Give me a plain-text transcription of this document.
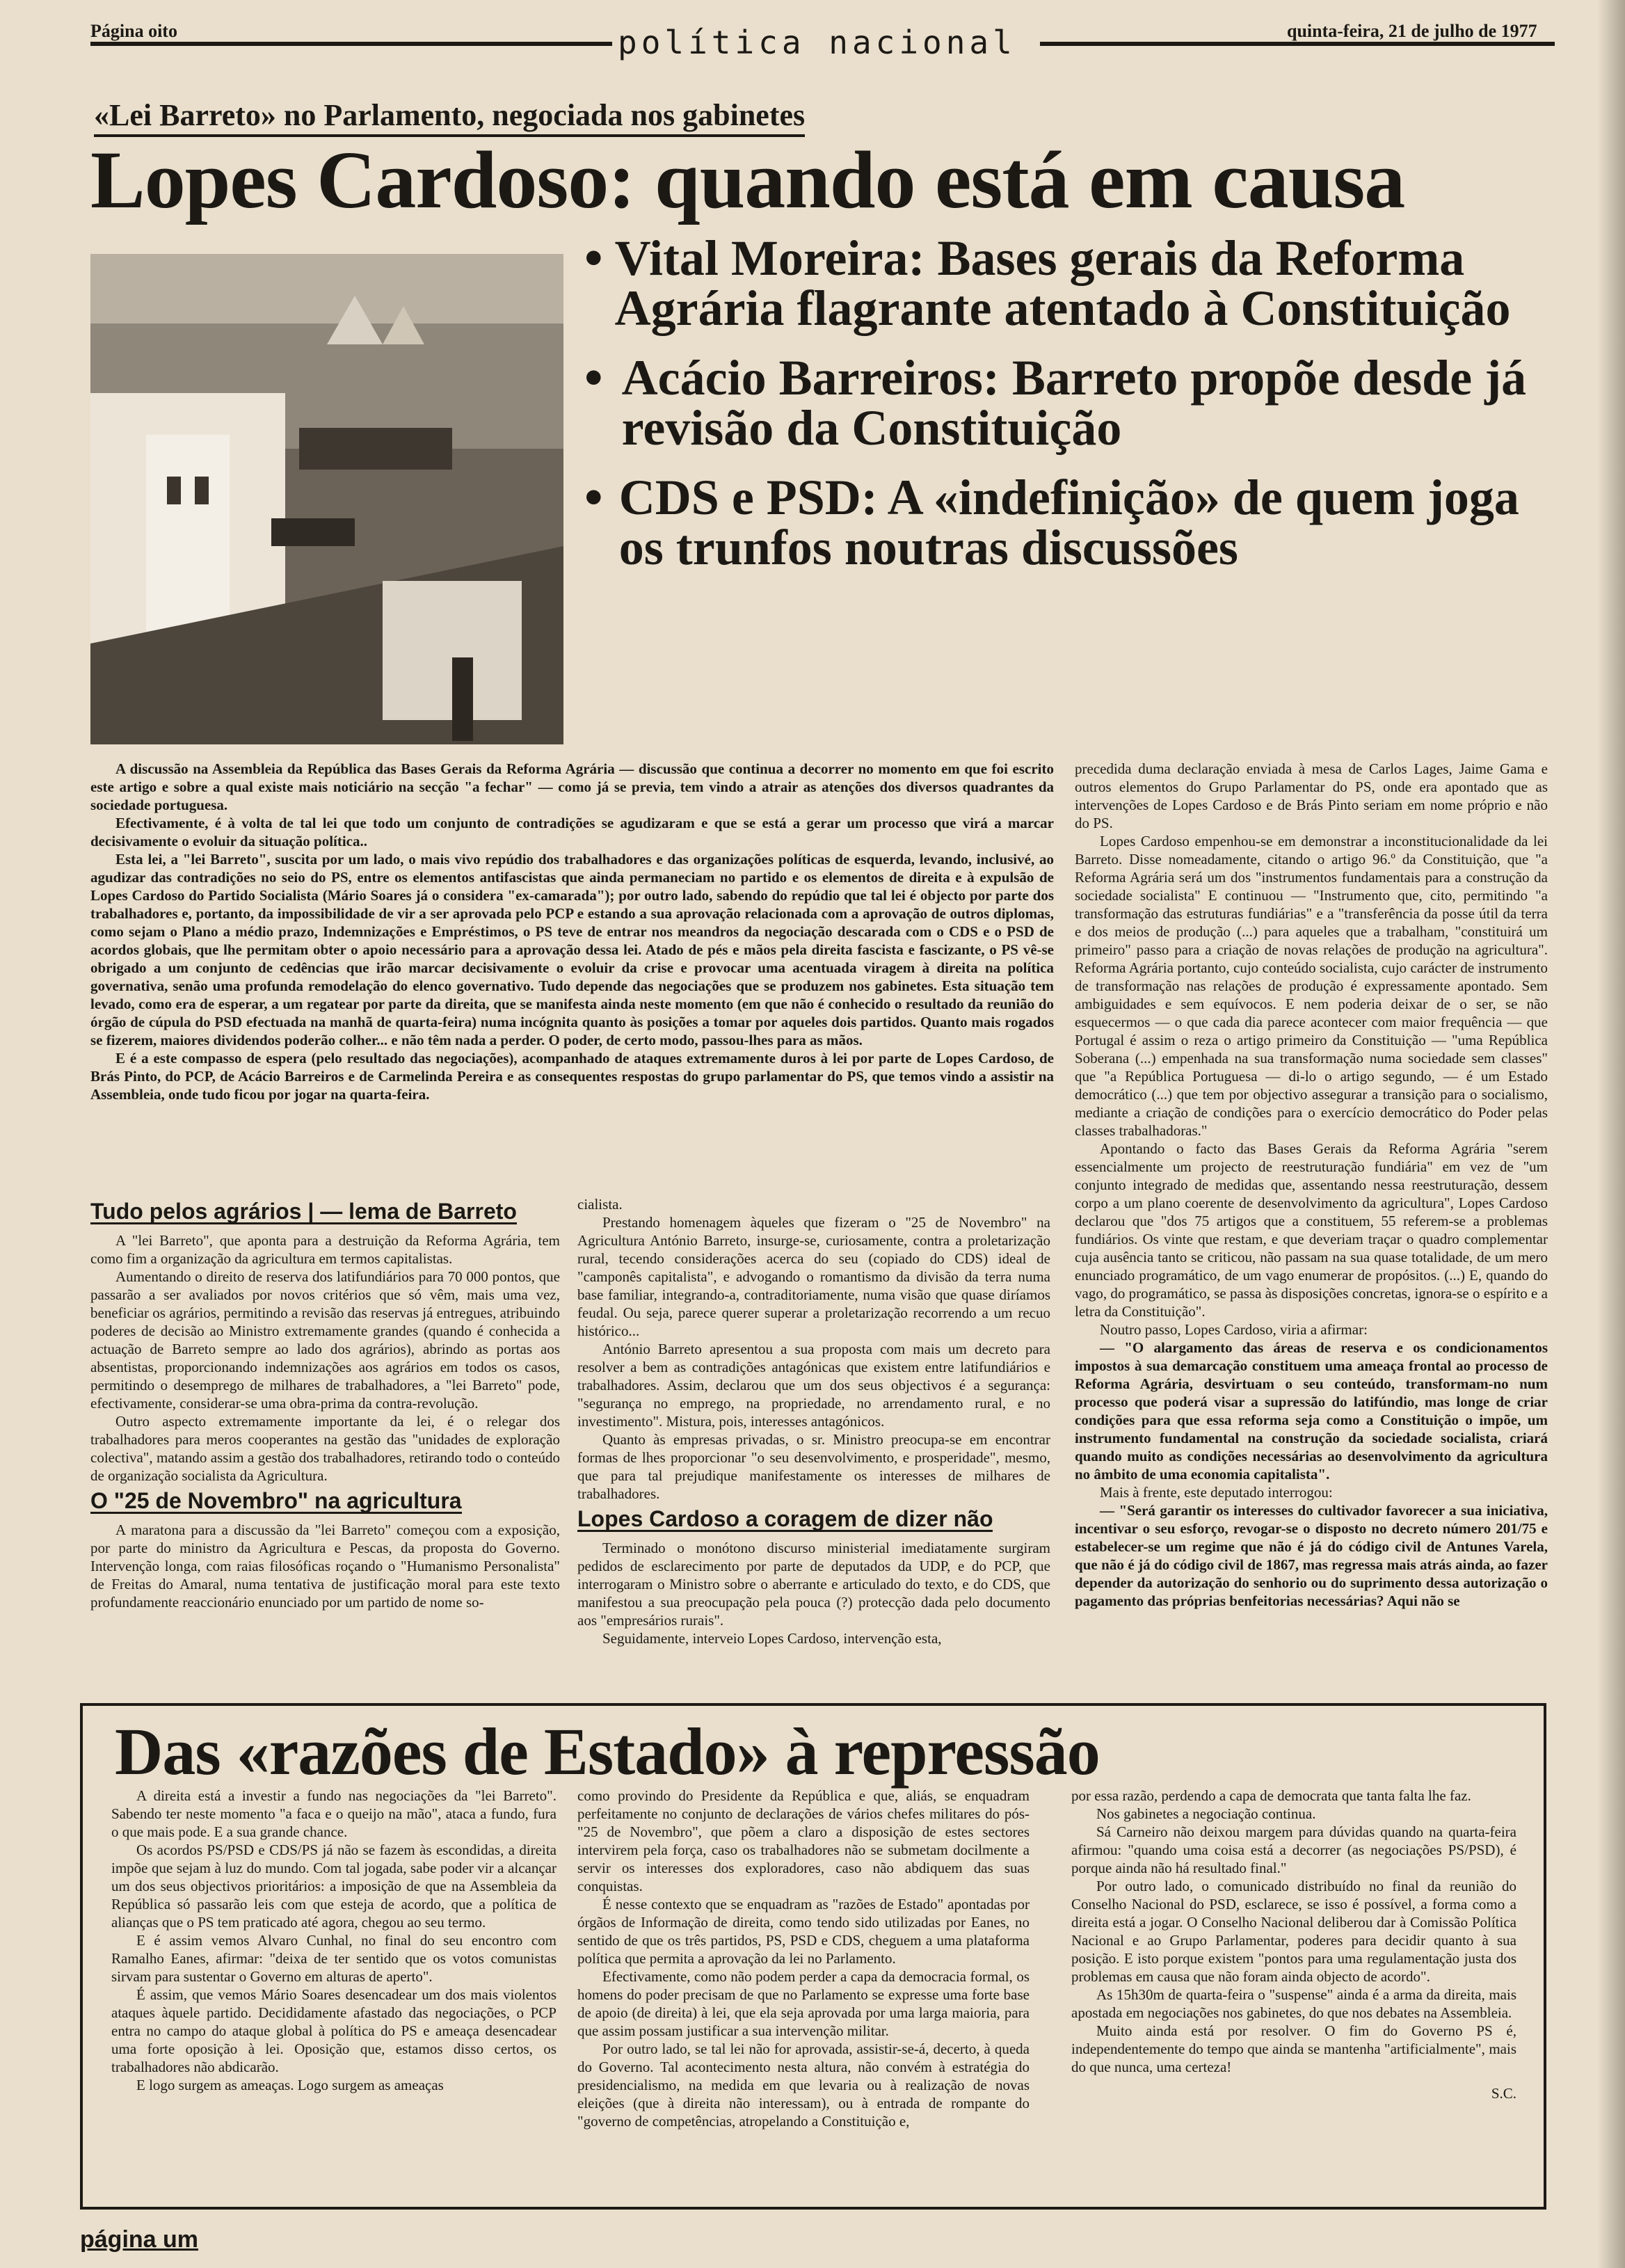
Página oito	política nacional	quinta-feira, 21 de julho de 1977
«Lei Barreto» no Parlamento, negociada nos gabinetes
Lopes Cardoso: quando está em causa
• Vital Moreira: Bases gerais da Reforma Agrária flagrante atentado à Constituição
• Acácio Barreiros: Barreto propõe desde já revisão da Constituição
• CDS e PSD: A «indefinição» de quem joga os trunfos noutras discussões

A discussão na Assembleia da República das Bases Gerais da Reforma Agrária — discussão que continua a decorrer no momento em que foi escrito este artigo e sobre a qual existe mais noticiário na secção "a fechar" — como já se previa, tem vindo a atrair as atenções dos diversos quadrantes da sociedade portuguesa.

Efectivamente, é à volta de tal lei que todo um conjunto de contradições se agudizaram e que se está a gerar um processo que virá a marcar decisivamente o evoluir da situação política..

Esta lei, a "lei Barreto", suscita por um lado, o mais vivo repúdio dos trabalhadores e das organizações políticas de esquerda, levando, inclusivé, ao agudizar das contradições no seio do PS, entre os elementos antifascistas que ainda permaneciam no partido e os elementos de direita e à expulsão de Lopes Cardoso do Partido Socialista (Mário Soares já o considera "ex-camarada"); por outro lado, sabendo do repúdio que tal lei é objecto por parte dos trabalhadores e, portanto, da impossibilidade de vir a ser aprovada pelo PCP e estando a sua aprovação relacionada com a aprovação de outros diplomas, como sejam o Plano a médio prazo, Indemnizações e Empréstimos, o PS teve de entrar nos meandros da negociação descarada com o CDS e o PSD de acordos globais, que lhe permitam obter o apoio necessário para a aprovação dessa lei. Atado de pés e mãos pela direita fascista e fascizante, o PS vê-se obrigado a um conjunto de cedências que irão marcar decisivamente o evoluir da crise e provocar uma acentuada viragem à direita na política governativa, senão uma profunda remodelação do elenco governativo. Tudo depende das negociações que se produzem nos gabinetes. Esta situação tem levado, como era de esperar, a um regatear por parte da direita, que se manifesta ainda neste momento (em que não é conhecido o resultado da reunião do órgão de cúpula do PSD efectuada na manhã de quarta-feira) numa incógnita quanto às posições a tomar por aqueles dois partidos. Quanto mais rogados se fizerem, maiores dividendos poderão colher... e não têm nada a perder. O poder, de certo modo, passou-lhes para as mãos.

E é a este compasso de espera (pelo resultado das negociações), acompanhado de ataques extremamente duros à lei por parte de Lopes Cardoso, de Brás Pinto, do PCP, de Acácio Barreiros e de Carmelinda Pereira e as consequentes respostas do grupo parlamentar do PS, que temos vindo a assistir na Assembleia, onde tudo ficou por jogar na quarta-feira.

Tudo pelos agrários | — lema de Barreto

A "lei Barreto", que aponta para a destruição da Reforma Agrária, tem como fim a organização da agricultura em termos capitalistas.

Aumentando o direito de reserva dos latifundiários para 70 000 pontos, que passarão a ser avaliados por novos critérios que só vêm, mais uma vez, beneficiar os agrários, permitindo a revisão das reservas já entregues, atribuindo poderes de decisão ao Ministro extremamente grandes (quando é conhecida a actuação de Barreto sempre ao lado dos agrários), abrindo as portas aos absentistas, proporcionando indemnizações aos agrários em todos os casos, permitindo o desemprego de milhares de trabalhadores, a "lei Barreto" pode, efectivamente, considerar-se uma obra-prima da contra-revolução.

Outro aspecto extremamente importante da lei, é o relegar dos trabalhadores para meros cooperantes na gestão das "unidades de exploração colectiva", matando assim a gestão dos trabalhadores, retirando todo o conteúdo de organização socialista da Agricultura.

O "25 de Novembro" na agricultura

A maratona para a discussão da "lei Barreto" começou com a exposição, por parte do ministro da Agricultura e Pescas, da proposta do Governo. Intervenção longa, com raias filosóficas roçando o "Humanismo Personalista" de Freitas do Amaral, numa tentativa de justificação moral para este texto profundamente reaccionário enunciado por um partido de nome so-

cialista.

Prestando homenagem àqueles que fizeram o "25 de Novembro" na Agricultura António Barreto, insurge-se, curiosamente, contra a proletarização rural, tecendo considerações acerca do seu (copiado do CDS) ideal de "camponês capitalista", e advogando o romantismo da divisão da terra numa base familiar, integrando-a, contraditoriamente, numa visão que quase diríamos feudal. Ou seja, parece querer superar a proletarização recorrendo a um recuo histórico...

António Barreto apresentou a sua proposta com mais um decreto para resolver a bem as contradições antagónicas que existem entre latifundiários e trabalhadores. Assim, declarou que um dos seus objectivos é a segurança: "segurança no emprego, na propriedade, no arrendamento rural, e no investimento". Mistura, pois, interesses antagónicos.

Quanto às empresas privadas, o sr. Ministro preocupa-se em encontrar formas de lhes proporcionar "o seu desenvolvimento, e prosperidade", mesmo, que para tal prejudique manifestamente os interesses de milhares de trabalhadores.

Lopes Cardoso a coragem de dizer não

Terminado o monótono discurso ministerial imediatamente surgiram pedidos de esclarecimento por parte de deputados da UDP, e do PCP, que interrogaram o Ministro sobre o aberrante e articulado do texto, e do CDS, que manifestou a sua preocupação pela pouca (?) protecção dada pelo documento aos "empresários rurais".

Seguidamente, interveio Lopes Cardoso, intervenção esta,

precedida duma declaração enviada à mesa de Carlos Lages, Jaime Gama e outros elementos do Grupo Parlamentar do PS, onde era apontado que as intervenções de Lopes Cardoso e de Brás Pinto seriam em nome próprio e não do PS.

Lopes Cardoso empenhou-se em demonstrar a inconstitucionalidade da lei Barreto. Disse nomeadamente, citando o artigo 96.º da Constituição, que "a Reforma Agrária será um dos "instrumentos fundamentais para a construção da sociedade socialista" E continuou — "Instrumento que, cito, permitindo "a transformação das estruturas fundiárias" e a "transferência da posse útil da terra e dos meios de produção (...) para aqueles que a trabalham, "constituirá um primeiro" passo para a criação de novas relações de produção na agricultura". Reforma Agrária portanto, cujo conteúdo socialista, cujo carácter de instrumento de transformação nas relações de produção é expressamente apontado. Sem ambiguidades e sem equívocos. E nem poderia deixar de o ser, se não esquecermos — o que cada dia parece acontecer com maior frequência — que Portugal é assim o reza o artigo primeiro da Constituição — "uma República Soberana (...) empenhada na sua transformação numa sociedade sem classes" que "a República Portuguesa — di-lo o artigo segundo, — é um Estado democrático (...) que tem por objectivo assegurar a transição para o socialismo, mediante a criação de condições para o exercício democrático do Poder pelas classes trabalhadoras."

Apontando o facto das Bases Gerais da Reforma Agrária "serem essencialmente um projecto de reestruturação fundiária" em vez de "um conjunto integrado de medidas que, assentando nessa reestruturação, dessem corpo a um plano coerente de desenvolvimento da agricultura", Lopes Cardoso declarou que "dos 75 artigos que a constituem, 55 referem-se a problemas fundiários. Os vinte que restam, e que deveriam traçar o quadro complementar cuja ausência tanto se criticou, não passam na sua quase totalidade, de um mero enunciado programático, de um vago enumerar de propósitos. (...) E, quando do vago, do programático, se passa às disposições concretas, ignora-se o espírito e a letra da Constituição".

Noutro passo, Lopes Cardoso, viria a afirmar:

— "O alargamento das áreas de reserva e os condicionamentos impostos à sua demarcação constituem uma ameaça frontal ao processo de Reforma Agrária, desvirtuam o seu conteúdo, transformam-no num processo que poderá visar a supressão do latifúndio, mas longe de criar condições para que essa reforma seja como a Constituição o impõe, um instrumento fundamental na construção da sociedade socialista, criará quando muito as condições necessárias ao desenvolvimento da agricultura no âmbito de uma economia capitalista".

Mais à frente, este deputado interrogou:

— "Será garantir os interesses do cultivador favorecer a sua iniciativa, incentivar o seu esforço, revogar-se o disposto no decreto número 201/75 e estabelecer-se um regime que não é já do código civil de Antunes Varela, que não é já do código civil de 1867, mas regressa mais atrás ainda, ao fazer depender da autorização do senhorio ou do suprimento dessa autorização o pagamento das próprias benfeitorias necessárias? Aqui não se

Das «razões de Estado» à repressão

A direita está a investir a fundo nas negociações da "lei Barreto". Sabendo ter neste momento "a faca e o queijo na mão", ataca a fundo, fura o que mais pode. E a sua grande chance.

Os acordos PS/PSD e CDS/PS já não se fazem às escondidas, a direita impõe que sejam à luz do mundo. Com tal jogada, sabe poder vir a alcançar um dos seus objectivos prioritários: a imposição de que na Assembleia da República só passarão leis com que esteja de acordo, que a política de alianças que o PS tem praticado até agora, chegou ao seu termo.

E é assim vemos Alvaro Cunhal, no final do seu encontro com Ramalho Eanes, afirmar: "deixa de ter sentido que os votos comunistas sirvam para sustentar o Governo em alturas de aperto".

É assim, que vemos Mário Soares desencadear um dos mais violentos ataques àquele partido. Decididamente afastado das negociações, o PCP entra no campo do ataque global à política do PS e ameaça desencadear uma forte oposição à lei. Oposição que, estamos disso certos, os trabalhadores não abdicarão.

E logo surgem as ameaças. Logo surgem as ameaças

como provindo do Presidente da República e que, aliás, se enquadram perfeitamente no conjunto de declarações de vários chefes militares do pós-"25 de Novembro", que põem a claro a disposição de estes sectores intervirem pela força, caso os trabalhadores não se submetam docilmente a servir os interesses dos exploradores, caso não abdiquem das suas conquistas.

É nesse contexto que se enquadram as "razões de Estado" apontadas por órgãos de Informação de direita, como tendo sido utilizadas por Eanes, no sentido de que os três partidos, PS, PSD e CDS, cheguem a uma plataforma política que permita a aprovação da lei no Parlamento.

Efectivamente, como não podem perder a capa da democracia formal, os homens do poder precisam de que no Parlamento se expresse uma forte base de apoio (de direita) à lei, que ela seja aprovada por uma larga maioria, para que assim possam justificar a sua intervenção militar.

Por outro lado, se tal lei não for aprovada, assistir-se-á, decerto, à queda do Governo. Tal acontecimento nesta altura, não convém à estratégia do presidencialismo, na medida em que levaria ou à realização de novas eleições (que à direita não interessam), ou à entrada de rompante do "governo de competências, atropelando a Constituição e,

por essa razão, perdendo a capa de democrata que tanta falta lhe faz.

Nos gabinetes a negociação continua.

Sá Carneiro não deixou margem para dúvidas quando na quarta-feira afirmou: "quando uma coisa está a decorrer (as negociações PS/PSD), é porque ainda não há resultado final."

Por outro lado, o comunicado distribuído no final da reunião do Conselho Nacional do PSD, esclarece, se isso é possível, a forma como a direita está a jogar. O Conselho Nacional deliberou dar à Comissão Política Nacional e ao Grupo Parlamentar, poderes para decidir quanto à sua posição. E isto porque existem "pontos para uma regulamentação justa dos problemas em causa que não foram ainda objecto de acordo".

As 15h30m de quarta-feira o "suspense" ainda é a arma da direita, mais apostada em negociações nos gabinetes, do que nos debates na Assembleia.

Muito ainda está por resolver. O fim do Governo PS é, independentemente do tempo que ainda se mantenha "artificialmente", mais do que nunca, uma certeza!

S.C.
página um
